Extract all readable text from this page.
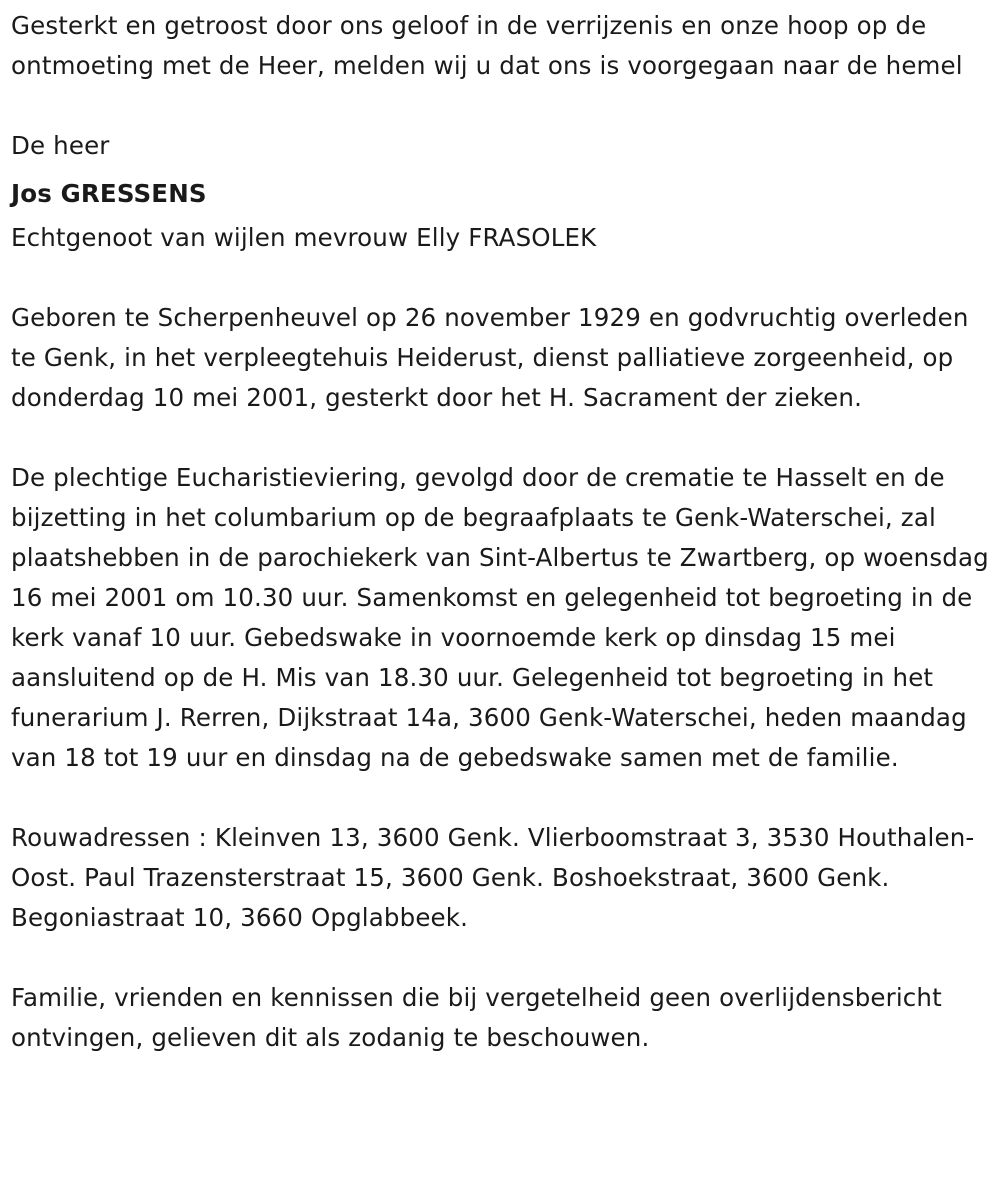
Gesterkt en getroost door ons geloof in de verrijzenis en onze hoop op de ontmoeting met de Heer, melden wij u dat ons is voorgegaan naar de hemel

De heer

Jos GRESSENS

Echtgenoot van wijlen mevrouw Elly FRASOLEK

Geboren te Scherpenheuvel op 26 november 1929 en godvruchtig overleden te Genk, in het verpleegtehuis Heiderust, dienst palliatieve zorgeenheid, op donderdag 10 mei 2001, gesterkt door het H. Sacrament der zieken.

De plechtige Eucharistieviering, gevolgd door de crematie te Hasselt en de bijzetting in het columbarium op de begraafplaats te Genk-Waterschei, zal plaatshebben in de parochiekerk van Sint-Albertus te Zwartberg, op woensdag 16 mei 2001 om 10.30 uur. Samenkomst en gelegenheid tot begroeting in de kerk vanaf 10 uur. Gebedswake in voornoemde kerk op dinsdag 15 mei aansluitend op de H. Mis van 18.30 uur. Gelegenheid tot begroeting in het funerarium J. Rerren, Dijkstraat 14a, 3600 Genk-Waterschei, heden maandag van 18 tot 19 uur en dinsdag na de gebedswake samen met de familie.

Rouwadressen : Kleinven 13, 3600 Genk. Vlierboomstraat 3, 3530 Houthalen-Oost. Paul Trazensterstraat 15, 3600 Genk. Boshoekstraat, 3600 Genk. Begoniastraat 10, 3660 Opglabbeek.

Familie, vrienden en kennissen die bij vergetelheid geen overlijdensbericht ontvingen, gelieven dit als zodanig te beschouwen.
